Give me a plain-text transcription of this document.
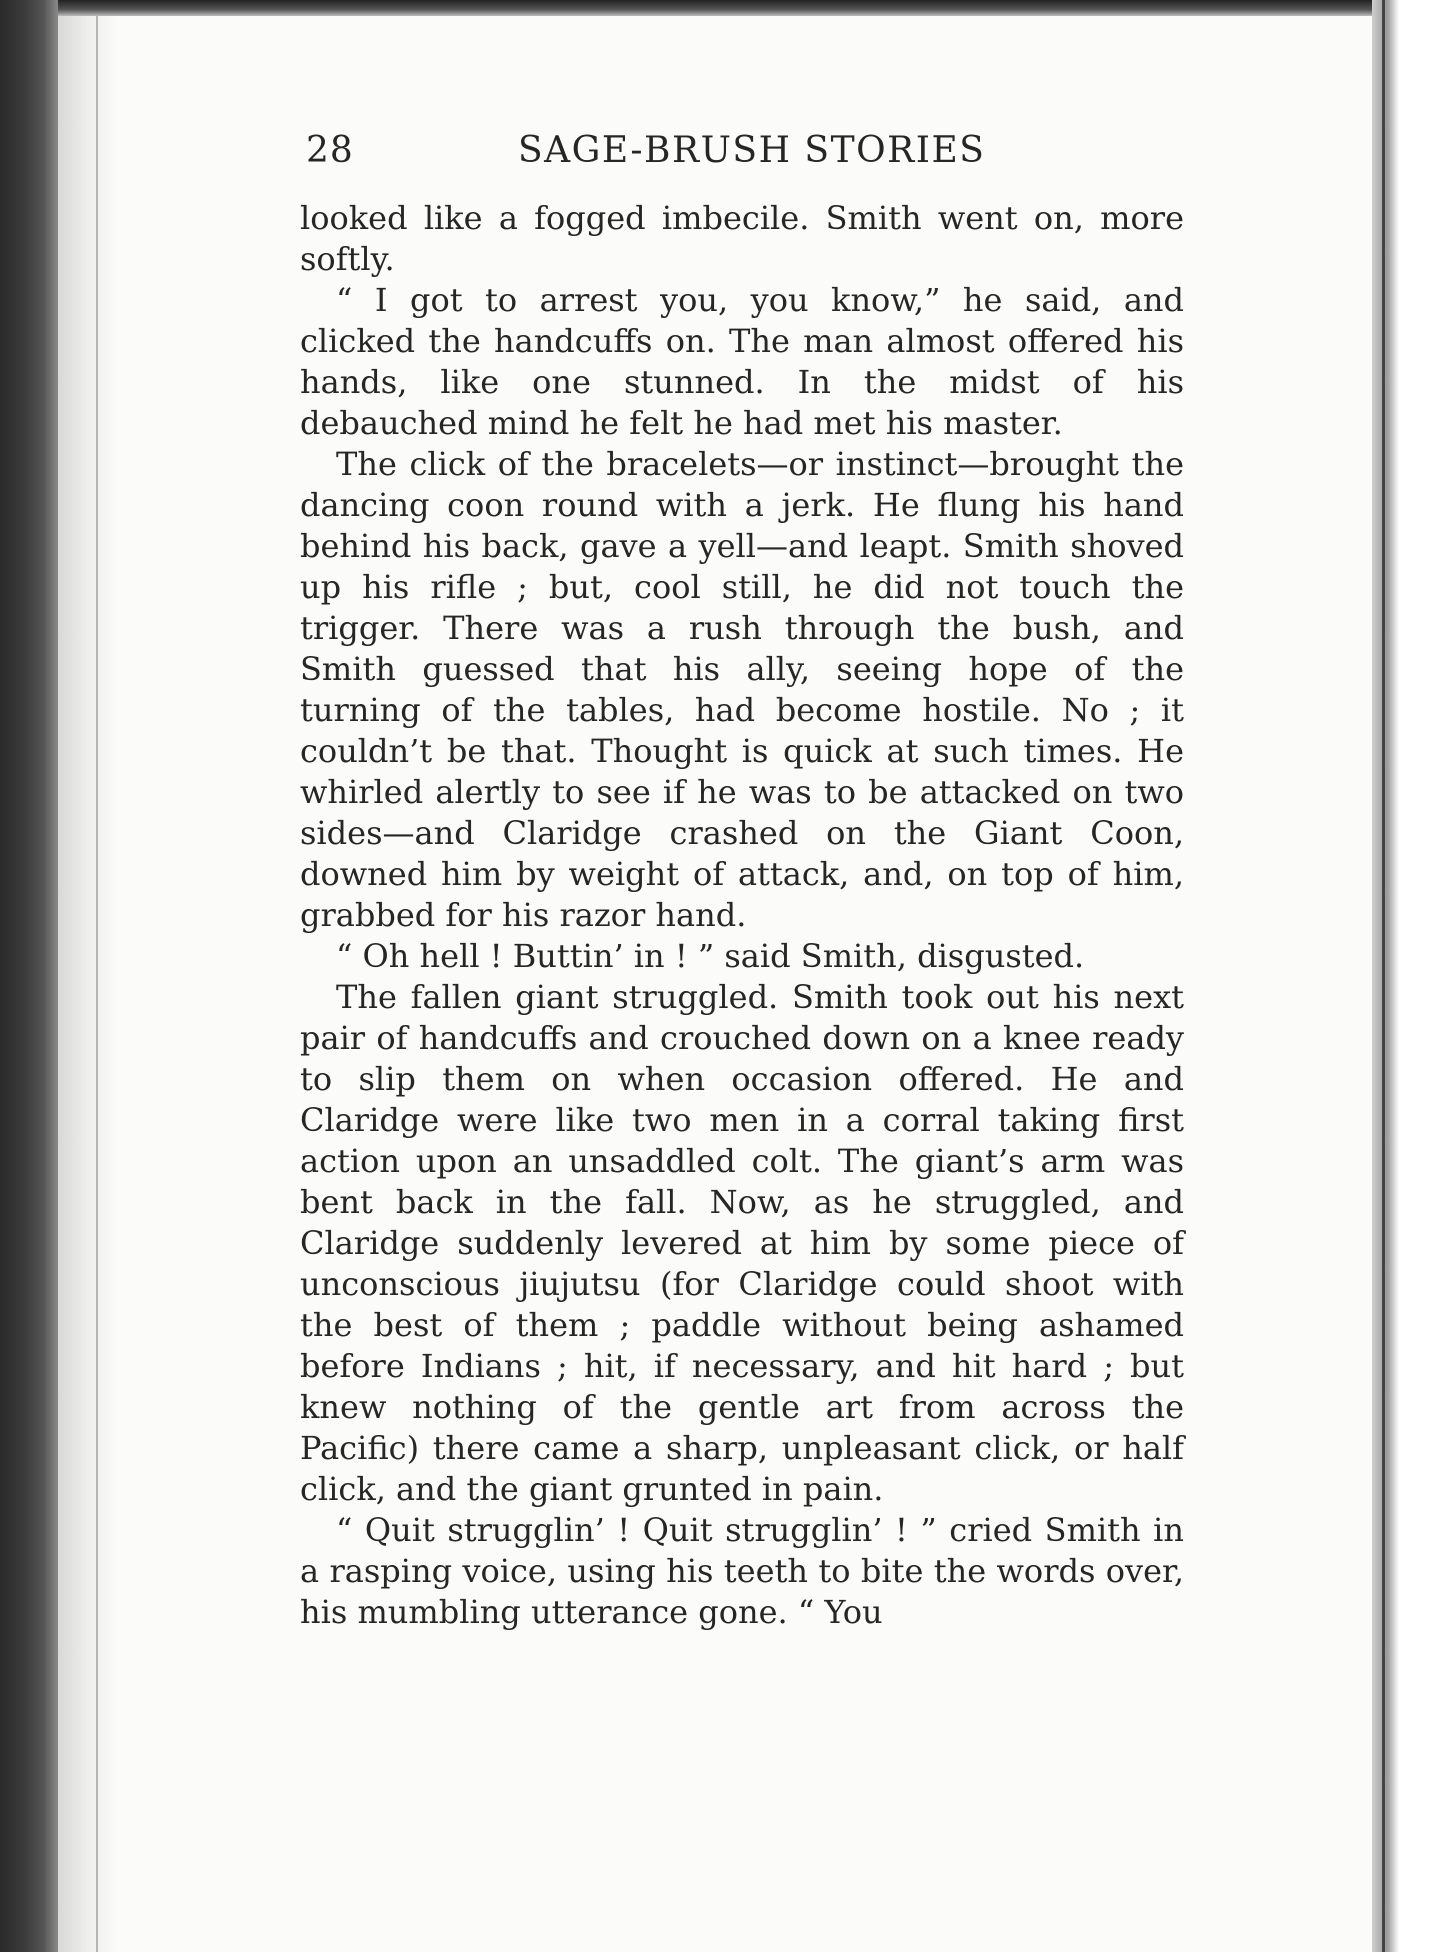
28	SAGE-BRUSH STORIES

looked like a fogged imbecile. Smith went on, more softly.

“ I got to arrest you, you know,” he said, and clicked the handcuffs on. The man almost offered his hands, like one stunned. In the midst of his debauched mind he felt he had met his master.

The click of the bracelets—or instinct—brought the dancing coon round with a jerk. He flung his hand behind his back, gave a yell—and leapt. Smith shoved up his rifle ; but, cool still, he did not touch the trigger. There was a rush through the bush, and Smith guessed that his ally, seeing hope of the turning of the tables, had become hostile. No ; it couldn’t be that. Thought is quick at such times. He whirled alertly to see if he was to be attacked on two sides—and Claridge crashed on the Giant Coon, downed him by weight of attack, and, on top of him, grabbed for his razor hand.

“ Oh hell ! Buttin’ in ! ” said Smith, disgusted.

The fallen giant struggled. Smith took out his next pair of handcuffs and crouched down on a knee ready to slip them on when occasion offered. He and Claridge were like two men in a corral taking first action upon an unsaddled colt. The giant’s arm was bent back in the fall. Now, as he struggled, and Claridge suddenly levered at him by some piece of unconscious jiujutsu (for Claridge could shoot with the best of them ; paddle without being ashamed before Indians ; hit, if necessary, and hit hard ; but knew nothing of the gentle art from across the Pacific) there came a sharp, unpleasant click, or half click, and the giant grunted in pain.

“ Quit strugglin’ ! Quit strugglin’ ! ” cried Smith in a rasping voice, using his teeth to bite the words over, his mumbling utterance gone. “ You
